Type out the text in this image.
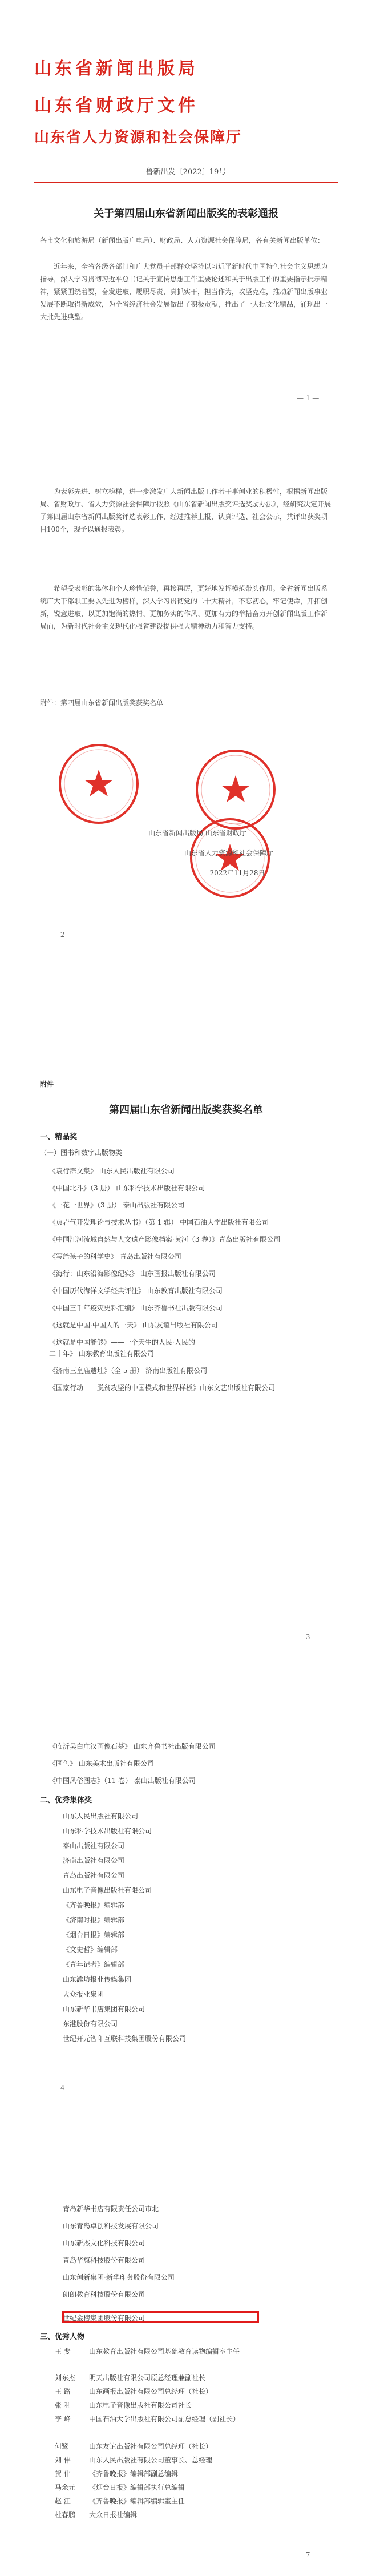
山东省新闻出版局
山东省财政厅文件
山东省人力资源和社会保障厅
鲁新出发〔2022〕19号
关于第四届山东省新闻出版奖的表彰通报
各市文化和旅游局（新闻出版广电局）、财政局、人力资源社会保障局，各有关新闻出版单位：

近年来，全省各级各部门和广大党员干部群众坚持以习近平新时代中国特色社会主义思想为指导，深入学习贯彻习近平总书记关于宣传思想工作重要论述和关于出版工作的重要指示批示精神，紧紧围绕着要，奋发进取，履职尽责，真抓实干，担当作为，攻坚克难，推动新闻出版事业发展不断取得新成效，为全省经济社会发展做出了积极贡献，推出了一大批文化精品，涌现出一大批先进典型。

— 1 —

为表彰先进、树立榜样，进一步激发广大新闻出版工作者干事创业的积极性，根据新闻出版局、省财政厅、省人力资源社会保障厅按照《山东省新闻出版奖评选奖励办法》，经研究决定开展了第四届山东省新闻出版奖评选表彰工作，经过推荐上报，认真评选、社会公示，共评出获奖项目100个，现予以通报表彰。

希望受表彰的集体和个人珍惜荣誉，再接再厉，更好地发挥模范带头作用。全省新闻出版系统广大干部职工要以先进为榜样，深入学习贯彻党的二十大精神，不忘初心，牢记使命，开拓创新，锐意进取，以更加饱满的热情、更加务实的作风、更加有力的举措奋力开创新闻出版工作新局面，为新时代社会主义现代化强省建设提供强大精神动力和智力支持。

附件：第四届山东省新闻出版奖获奖名单
山东省新闻出版局 山东省财政厅
山东省人力资源和社会保障厅
2022年11月28日
— 2 —
附件
第四届山东省新闻出版奖获奖名单
一、精品奖
（一）图书和数字出版物类
《袁行霈文集》 山东人民出版社有限公司
《中国北斗》（3 册） 山东科学技术出版社有限公司
《一花一世界》（3 册） 泰山出版社有限公司
《页岩气开发理论与技术丛书》（第 1 辑） 中国石油大学出版社有限公司
《中国江河流域自然与人文遗产影像档案·黄河（3 卷）》青岛出版社有限公司
《写给孩子的科学史》 青岛出版社有限公司
《海行：山东沿海影像纪实》 山东画报出版社有限公司
《中国历代海洋文学经典评注》 山东教育出版社有限公司
《中国三千年疫灾史料汇编》 山东齐鲁书社出版有限公司
《这就是中国·中国人的一天》 山东友谊出版社有限公司
《这就是中国能够》——一个天生的人民·人民的
二十年》 山东教育出版社有限公司
《济南三皇庙遗址》（全 5 册） 济南出版社有限公司
《国家行动——脱贫攻坚的中国模式和世界样板》山东文艺出版社有限公司
— 3 —
《临沂吴白庄汉画像石墓》 山东齐鲁书社出版有限公司
《国色》 山东美术出版社有限公司
《中国风俗图志》（11 卷） 泰山出版社有限公司
二、优秀集体奖
山东人民出版社有限公司
山东科学技术出版社有限公司
泰山出版社有限公司
济南出版社有限公司
青岛出版社有限公司
山东电子音像出版社有限公司
《齐鲁晚报》编辑部
《济南时报》编辑部
《烟台日报》编辑部
《文史哲》编辑部
《青年记者》编辑部
山东潍坊报业传媒集团
大众报业集团
山东新华书店集团有限公司
东港股份有限公司
世纪开元智印互联科技集团股份有限公司
— 4 —
青岛新华书店有限责任公司市北
山东青岛卓创科技发展有限公司
山东新杰文化科技有限公司
青岛华旗科技股份有限公司
山东创新集团·新华印务股份有限公司
朗朗教育科技股份有限公司
世纪金榜集团股份有限公司
三、优秀人物
王 斐	山东教育出版社有限公司基础教育读物编辑室主任
刘东杰 明天出版社有限公司原总经理兼副社长
王 路	山东画报出版社有限公司总经理（社长）
张 利	山东电子音像出版社有限公司社长
李 峰	中国石油大学出版社有限公司副总经理（副社长）
何鹭	山东友谊出版社有限公司总经理（社长）
刘 伟	山东人民出版社有限公司董事长、总经理
贺 伟	《齐鲁晚报》编辑部副总编辑
马余元 《烟台日报》编辑部执行总编辑
赵 江	《齐鲁晚报》编辑部编辑室主任
杜春鹏 大众日报社编辑
— 7 —
